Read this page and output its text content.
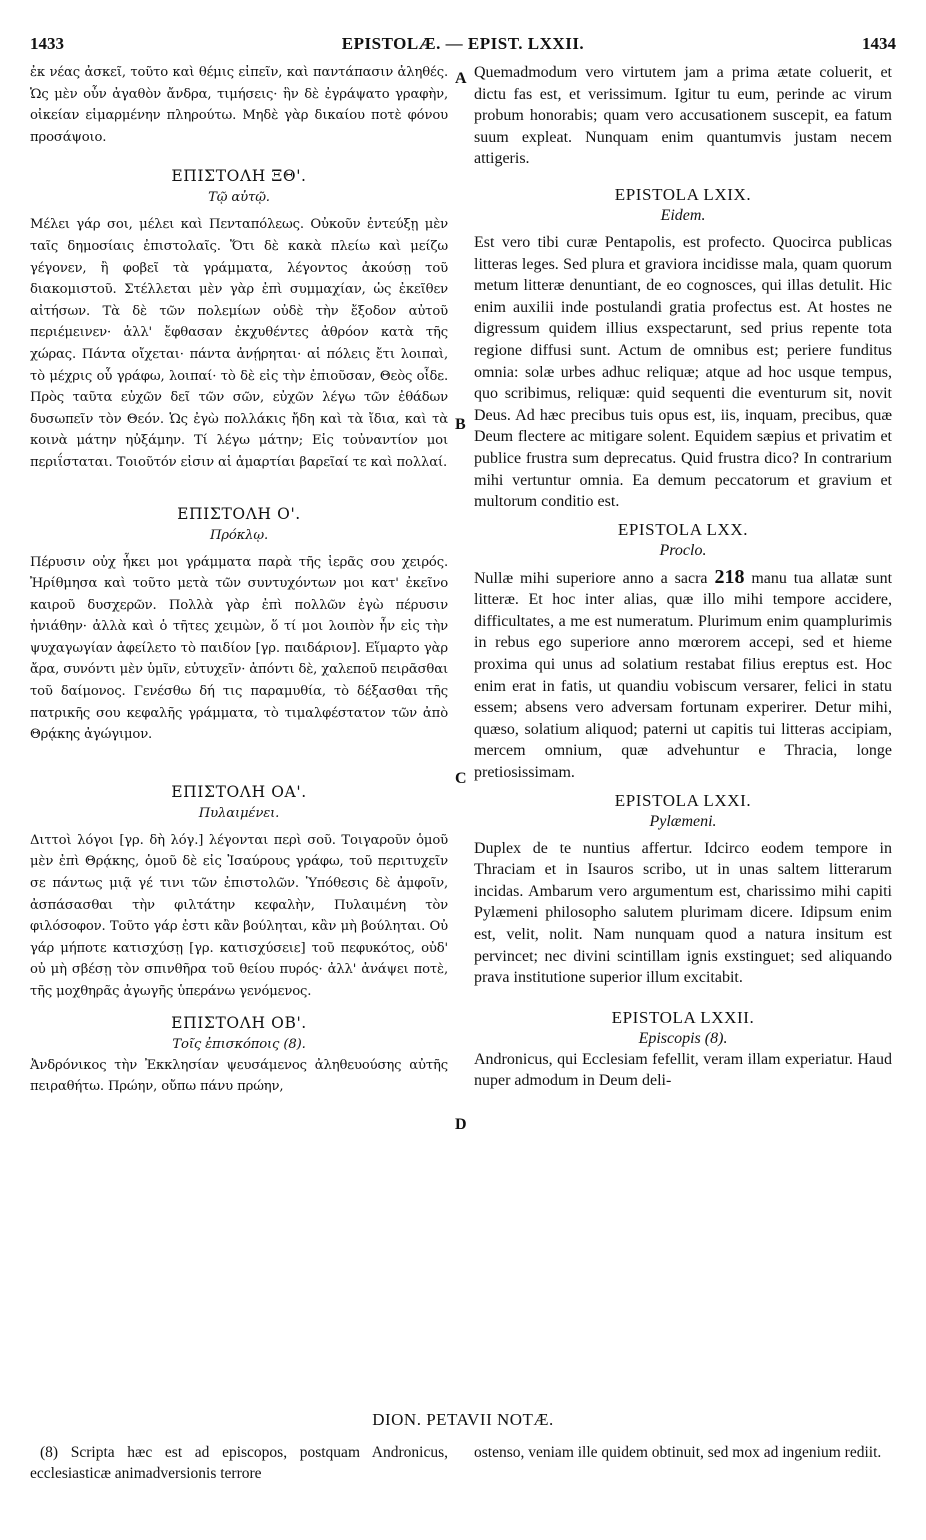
1433	EPISTOLÆ. — EPIST. LXXII.	1434
ἐκ νέας ἀσκεῖ, τοῦτο καὶ θέμις εἰπεῖν, καὶ παντάπασιν ἀληθές. Ὡς μὲν οὖν ἀγαθὸν ἄνδρα, τιμήσεις· ἣν δὲ ἐγράψατο γραφὴν, οἰκείαν εἱμαρμένην πληρούτω. Μηδὲ γὰρ δικαίου ποτὲ φόνου προσάψοιο.
ΕΠΙΣΤΟΛΗ ΞΘ'.
Τῷ αὐτῷ.
Μέλει γάρ σοι, μέλει καὶ Πενταπόλεως. Οὐκοῦν ἐντεύξῃ μὲν ταῖς δημοσίαις ἐπιστολαῖς. Ὅτι δὲ κακὰ πλείω καὶ μείζω γέγονεν, ἢ φοβεῖ τὰ γράμματα, λέγοντος ἀκούσῃ τοῦ διακομιστοῦ. Στέλλεται μὲν γὰρ ἐπὶ συμμαχίαν, ὡς ἐκεῖθεν αἰτήσων. Τὰ δὲ τῶν πολεμίων οὐδὲ τὴν ἔξοδον αὐτοῦ περιέμεινεν· ἀλλ' ἔφθασαν ἐκχυθέντες ἀθρόον κατὰ τῆς χώρας. Πάντα οἴχεται· πάντα ἀνῄρηται· αἱ πόλεις ἔτι λοιπαὶ, τὸ μέχρις οὗ γράφω, λοιπαί· τὸ δὲ εἰς τὴν ἐπιοῦσαν, Θεὸς οἶδε. Πρὸς ταῦτα εὐχῶν δεῖ τῶν σῶν, εὐχῶν λέγω τῶν ἐθάδων δυσωπεῖν τὸν Θεόν. Ὡς ἐγὼ πολλάκις ἤδη καὶ τὰ ἴδια, καὶ τὰ κοινὰ μάτην ηὐξάμην. Τί λέγω μάτην; Εἰς τοὐναντίον μοι περιΐσταται. Τοιοῦτόν εἰσιν αἱ ἁμαρτίαι βαρεῖαί τε καὶ πολλαί.
ΕΠΙΣΤΟΛΗ Ο'.
Πρόκλῳ.
Πέρυσιν οὐχ ἧκει μοι γράμματα παρὰ τῆς ἱερᾶς σου χειρός. Ἠρίθμησα καὶ τοῦτο μετὰ τῶν συντυχόντων μοι κατ' ἐκεῖνο καιροῦ δυσχερῶν. Πολλὰ γὰρ ἐπὶ πολλῶν ἐγὼ πέρυσιν ἠνιάθην· ἀλλὰ καὶ ὁ τῆτες χειμὼν, ὅ τί μοι λοιπὸν ἦν εἰς τὴν ψυχαγωγίαν ἀφείλετο τὸ παιδίον [γρ. παιδάριον]. Εἵμαρτο γὰρ ἄρα, συνόντι μὲν ὑμῖν, εὐτυχεῖν· ἀπόντι δὲ, χαλεποῦ πειρᾶσθαι τοῦ δαίμονος. Γενέσθω δή τις παραμυθία, τὸ δέξασθαι τῆς πατρικῆς σου κεφαλῆς γράμματα, τὸ τιμαλφέστατον τῶν ἀπὸ Θρᾴκης ἀγώγιμον.
ΕΠΙΣΤΟΛΗ ΟΑ'.
Πυλαιμένει.
Διττοὶ λόγοι [γρ. δὴ λόγ.] λέγονται περὶ σοῦ. Τοιγαροῦν ὁμοῦ μὲν ἐπὶ Θρᾴκης, ὁμοῦ δὲ εἰς Ἰσαύρους γράφω, τοῦ περιτυχεῖν σε πάντως μιᾷ γέ τινι τῶν ἐπιστολῶν. Ὑπόθεσις δὲ ἀμφοῖν, ἀσπάσασθαι τὴν φιλτάτην κεφαλὴν, Πυλαιμένη τὸν φιλόσοφον. Τοῦτο γάρ ἐστι κἂν βούληται, κἂν μὴ βούληται. Οὐ γάρ μήποτε κατισχύσῃ [γρ. κατισχύσειε] τοῦ πεφυκότος, οὐδ' οὐ μὴ σβέσῃ τὸν σπινθῆρα τοῦ θείου πυρός· ἀλλ' ἀνάψει ποτὲ, τῆς μοχθηρᾶς ἀγωγῆς ὑπεράνω γενόμενος.
ΕΠΙΣΤΟΛΗ ΟΒ'.
Τοῖς ἐπισκόποις (8).
Ἀνδρόνικος τὴν Ἐκκλησίαν ψευσάμενος ἀληθευούσης αὐτῆς πειραθήτω. Πρώην, οὔπω πάνυ πρώην,
A
B
C
D
Quemadmodum vero virtutem jam a prima ætate coluerit, et dictu fas est, et verissimum. Igitur tu eum, perinde ac virum probum honorabis; quam vero accusationem suscepit, ea fatum suum expleat. Nunquam enim quantumvis justam necem attigeris.
EPISTOLA LXIX.
Eidem.
Est vero tibi curæ Pentapolis, est profecto. Quocirca publicas litteras leges. Sed plura et graviora incidisse mala, quam quorum metum litteræ denuntiant, de eo cognosces, qui illas detulit. Hic enim auxilii inde postulandi gratia profectus est. At hostes ne digressum quidem illius exspectarunt, sed prius repente tota regione diffusi sunt. Actum de omnibus est; periere funditus omnia: solæ urbes adhuc reliquæ; atque ad hoc usque tempus, quo scribimus, reliquæ: quid sequenti die eventurum sit, novit Deus. Ad hæc precibus tuis opus est, iis, inquam, precibus, quæ Deum flectere ac mitigare solent. Equidem sæpius et privatim et publice frustra sum deprecatus. Quid frustra dico? In contrarium mihi vertuntur omnia. Ea demum peccatorum et gravium et multorum conditio est.
EPISTOLA LXX.
Proclo.
Nullæ mihi superiore anno a sacra 218 manu tua allatæ sunt litteræ. Et hoc inter alias, quæ illo mihi tempore accidere, difficultates, a me est numeratum. Plurimum enim quamplurimis in rebus ego superiore anno mœrorem accepi, sed et hieme proxima qui unus ad solatium restabat filius ereptus est. Hoc enim erat in fatis, ut quandiu vobiscum versarer, felici in statu essem; absens vero adversam fortunam experirer. Detur mihi, quæso, solatium aliquod; paterni ut capitis tui litteras accipiam, mercem omnium, quæ advehuntur e Thracia, longe pretiosissimam.
EPISTOLA LXXI.
Pylæmeni.
Duplex de te nuntius affertur. Idcirco eodem tempore in Thraciam et in Isauros scribo, ut in unas saltem litterarum incidas. Ambarum vero argumentum est, charissimo mihi capiti Pylæmeni philosopho salutem plurimam dicere. Idipsum enim est, velit, nolit. Nam nunquam quod a natura insitum est pervincet; nec divini scintillam ignis exstinguet; sed aliquando prava institutione superior illum excitabit.
EPISTOLA LXXII.
Episcopis (8).
Andronicus, qui Ecclesiam fefellit, veram illam experiatur. Haud nuper admodum in Deum deli-
DION. PETAVII NOTÆ.
(8) Scripta hæc est ad episcopos, postquam Andronicus, ecclesiasticæ animadversionis terrore
ostenso, veniam ille quidem obtinuit, sed mox ad ingenium rediit.
